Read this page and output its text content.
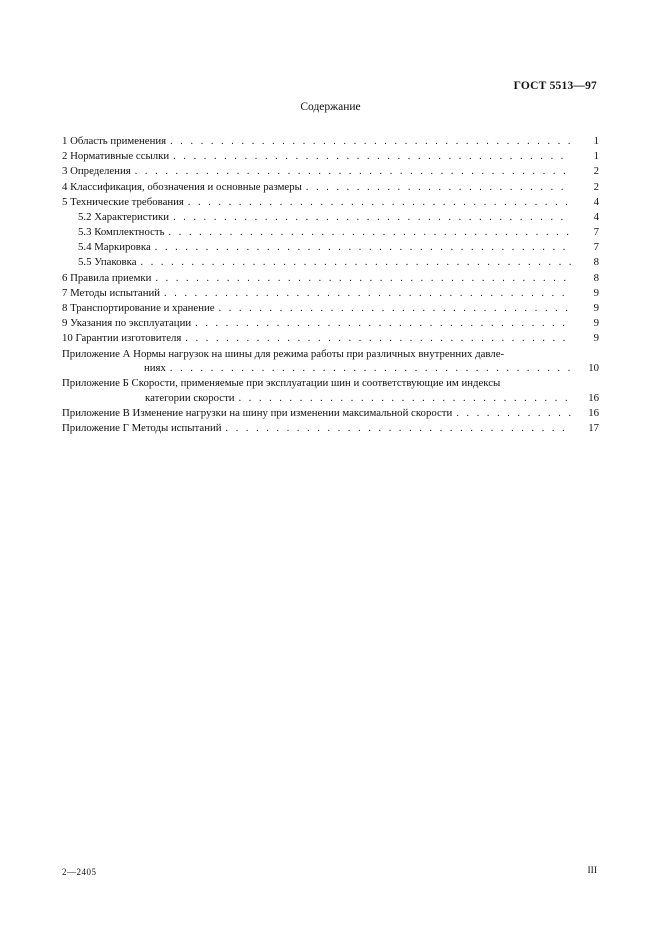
ГОСТ 5513—97
Содержание
1 Область применения . . .	1
2 Нормативные ссылки . . .	1
3 Определения . . .	2
4 Классификация, обозначения и основные размеры . . .	2
5 Технические требования . . .	4
5.2 Характеристики . . .	4
5.3 Комплектность . . .	7
5.4 Маркировка . . .	7
5.5 Упаковка . . .	8
6 Правила приемки . . .	8
7 Методы испытаний . . .	9
8 Транспортирование и хранение . . .	9
9 Указания по эксплуатации . . .	9
10 Гарантии изготовителя . . .	9
Приложение А Нормы нагрузок на шины для режима работы при различных внутренних давле-
ниях . . .	10
Приложение Б Скорости, применяемые при эксплуатации шин и соответствующие им индексы
категории скорости . . .	16
Приложение В Изменение нагрузки на шину при изменении максимальной скорости . . .	16
Приложение Г Методы испытаний . . .	17
2—2405	III
